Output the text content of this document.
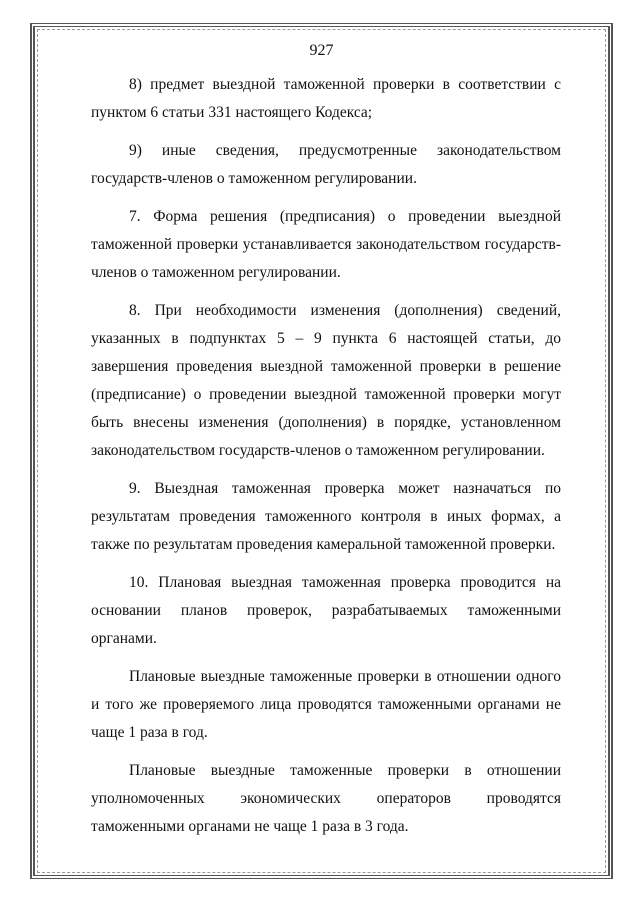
927

8) предмет выездной таможенной проверки в соответствии с пунктом 6 статьи 331 настоящего Кодекса;

9) иные сведения, предусмотренные законодательством государств-членов о таможенном регулировании.

7. Форма решения (предписания) о проведении выездной таможенной проверки устанавливается законодательством государств-членов о таможенном регулировании.

8. При необходимости изменения (дополнения) сведений, указанных в подпунктах 5 – 9 пункта 6 настоящей статьи, до завершения проведения выездной таможенной проверки в решение (предписание) о проведении выездной таможенной проверки могут быть внесены изменения (дополнения) в порядке, установленном законодательством государств-членов о таможенном регулировании.

9. Выездная таможенная проверка может назначаться по результатам проведения таможенного контроля в иных формах, а также по результатам проведения камеральной таможенной проверки.

10. Плановая выездная таможенная проверка проводится на основании планов проверок, разрабатываемых таможенными органами.

Плановые выездные таможенные проверки в отношении одного и того же проверяемого лица проводятся таможенными органами не чаще 1 раза в год.

Плановые выездные таможенные проверки в отношении уполномоченных экономических операторов проводятся таможенными органами не чаще 1 раза в 3 года.
